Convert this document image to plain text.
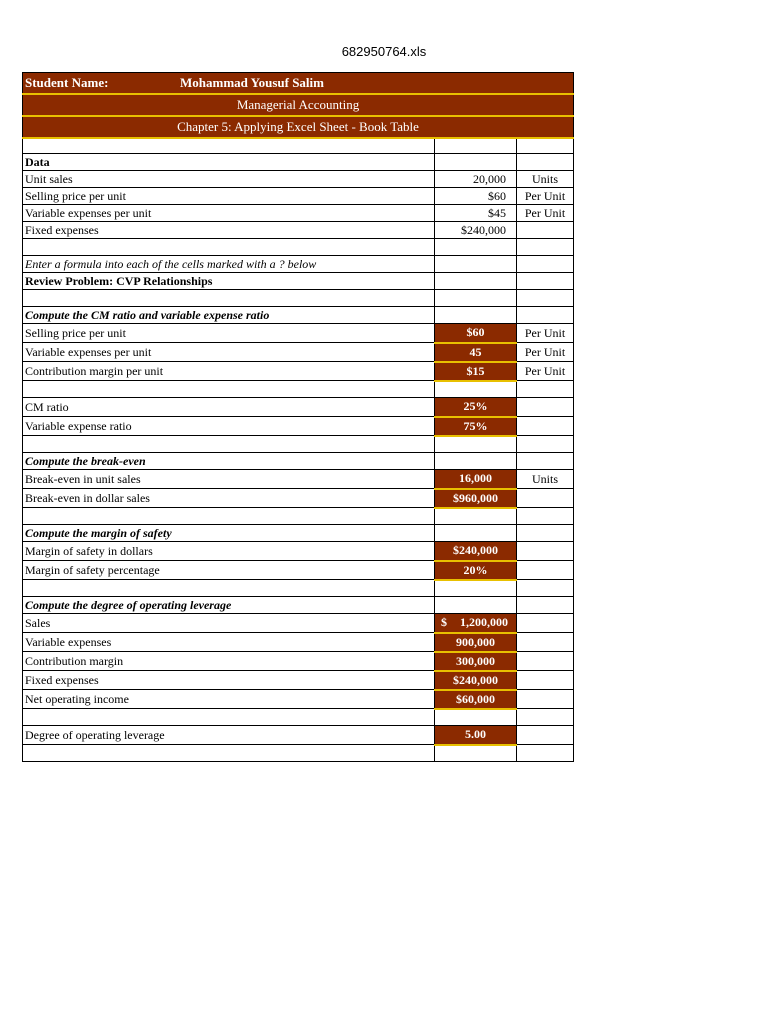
682950764.xls
Student Name: Mohammad Yousuf Salim		

Managerial Accounting		
Chapter 5: Applying Excel Sheet - Book Table		

Data		
Unit sales	20,000	Units
Selling price per unit	$60	Per Unit
Variable expenses per unit	$45	Per Unit
Fixed expenses	$240,000	

Enter a formula into each of the cells marked with a ? below		
Review Problem: CVP Relationships		

Compute the CM ratio and variable expense ratio		
Selling price per unit	$60	Per Unit
Variable expenses per unit	45	Per Unit
Contribution margin per unit	$15	Per Unit

CM ratio	25%	
Variable expense ratio	75%	

Compute the break-even		
Break-even in unit sales	16,000	Units
Break-even in dollar sales	$960,000	

Compute the margin of safety		
Margin of safety in dollars	$240,000	
Margin of safety percentage	20%	

Compute the degree of operating leverage		
Sales	$ 1,200,000	
Variable expenses	900,000	
Contribution margin	300,000	
Fixed expenses	$240,000	
Net operating income	$60,000	

Degree of operating leverage	5.00	
